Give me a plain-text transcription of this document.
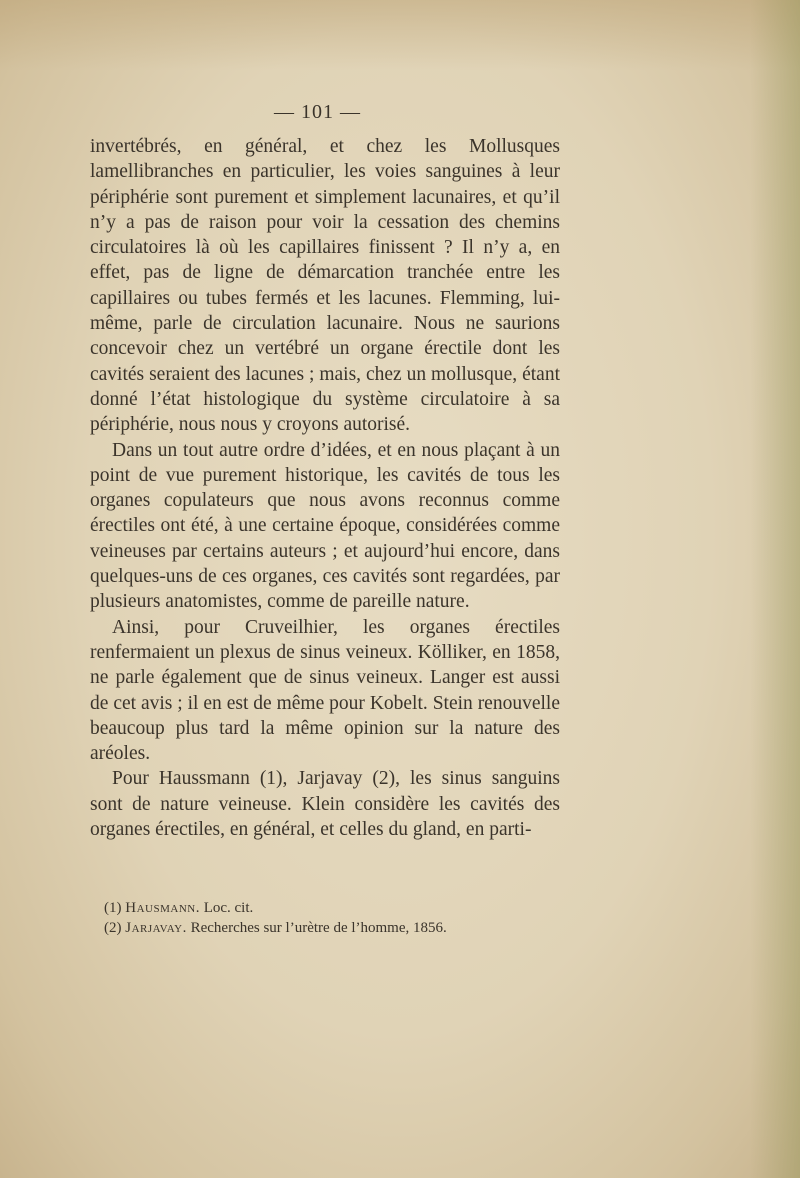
— 101 —

invertébrés, en général, et chez les Mollusques lamellibranches en particulier, les voies sanguines à leur périphérie sont purement et simplement lacunaires, et qu’il n’y a pas de raison pour voir la cessation des chemins circulatoires là où les capillaires finissent ? Il n’y a, en effet, pas de ligne de démarcation tranchée entre les capillaires ou tubes fermés et les lacunes. Flemming, lui-même, parle de circulation lacunaire. Nous ne saurions concevoir chez un vertébré un organe érectile dont les cavités seraient des lacunes ; mais, chez un mollusque, étant donné l’état histologique du système circulatoire à sa périphérie, nous nous y croyons autorisé.

Dans un tout autre ordre d’idées, et en nous plaçant à un point de vue purement historique, les cavités de tous les organes copulateurs que nous avons reconnus comme érectiles ont été, à une certaine époque, considérées comme veineuses par certains auteurs ; et aujourd’hui encore, dans quelques-uns de ces organes, ces cavités sont regardées, par plusieurs anatomistes, comme de pareille nature.

Ainsi, pour Cruveilhier, les organes érectiles renfermaient un plexus de sinus veineux. Kölliker, en 1858, ne parle également que de sinus veineux. Langer est aussi de cet avis ; il en est de même pour Kobelt. Stein renouvelle beaucoup plus tard la même opinion sur la nature des aréoles.

Pour Haussmann (1), Jarjavay (2), les sinus sanguins sont de nature veineuse. Klein considère les cavités des organes érectiles, en général, et celles du gland, en parti-

(1) Hausmann. Loc. cit.
(2) Jarjavay. Recherches sur l’urètre de l’homme, 1856.
